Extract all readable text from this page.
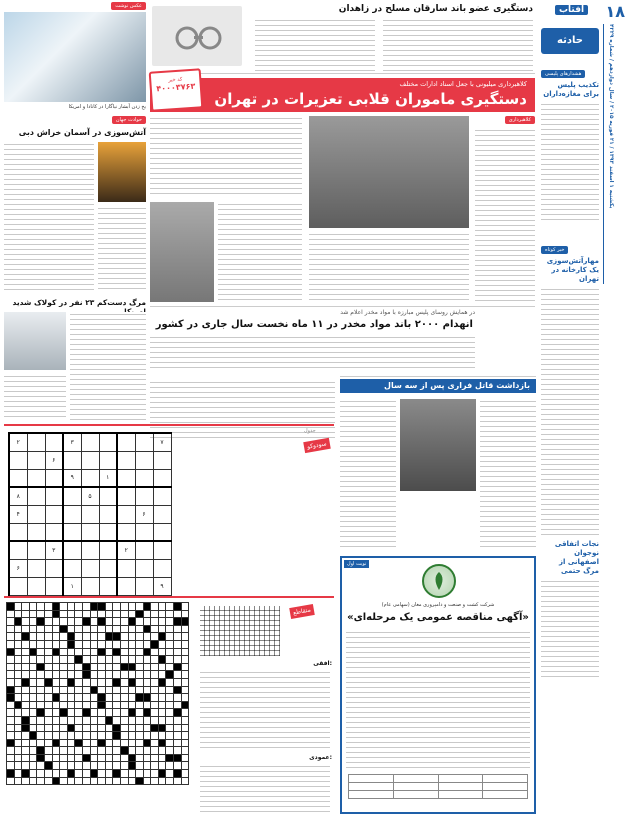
۱۸
آفتاب
یکشنبه ۱ اسفند ۱۳۹۳ / ۲۱ فوریه ۲۰۱۵ / سال دوازدهم / شماره ۴۲۲۹
حادثه
هشدارهای پلیسی
تکذیب پلیس برای مغازه‌داران
خبر کوتاه
مهارآتش‌سوزی یک کارخانه در تهران
نجات اتفاقی نوجوان اصفهانی از مرگ حتمی
دستگیری عضو باند سارقان مسلح در زاهدان
کلاهبرداری میلیونی با جعل اسناد ادارات مختلف
دستگیری ماموران قلابی تعزیرات در تهران
کد خبر
۴۰۰۰۳۷۶۳
کلاهبرداری
در همایش روسای پلیس مبارزه با مواد مخدر اعلام شد
انهدام ۲۰۰۰ باند مواد مخدر در ۱۱ ماه نخست سال جاری در کشور
بازداشت قاتل فراری پس از سه سال
عکس نوشت
یخ زدن آبشار نیاگارا در کانادا و امریکا
حوادث جهان
آتش‌سوزی در آسمان خراش دبی
مرگ دست‌کم ۲۳ نفر در کولاک شدید
سودوکو
جدول
۲			۳					۷
		۶						
			۹		۱			
۸				۵				
۴							۶	

		۳				۲		
۶								
			۱					۹

متقاطع
افقی:
عمودی:
نوبت اول
شرکت کشت و صنعت و دامپروری مغان (سهامی عام)
«آگهی مناقصه عمومی یک مرحله‌ای»
